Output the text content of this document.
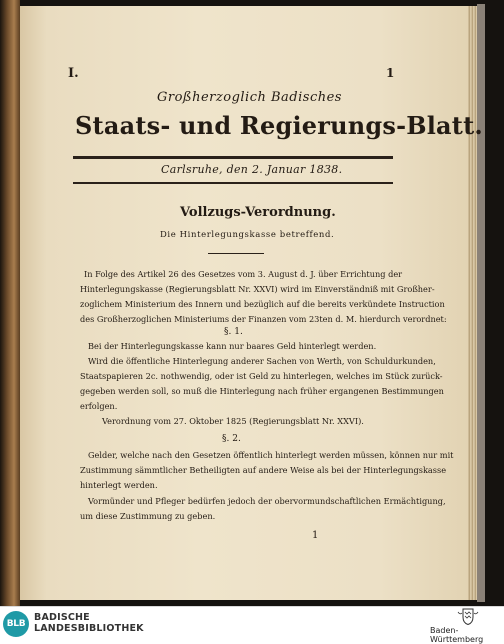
I.	1
Großherzoglich Badisches
Staats- und Regierungs-Blatt.
Carlsruhe, den 2. Januar 1838.
Vollzugs-Verordnung.
Die Hinterlegungskasse betreffend.
In Folge des Artikel 26 des Gesetzes vom 3. August d. J. über Errichtung der
Hinterlegungskasse (Regierungsblatt Nr. XXVI) wird im Einverständniß mit Großher-
zoglichem Ministerium des Innern und bezüglich auf die bereits verkündete Instruction
des Großherzoglichen Ministeriums der Finanzen vom 23ten d. M. hierdurch verordnet:
§. 1.
Bei der Hinterlegungskasse kann nur baares Geld hinterlegt werden.
Wird die öffentliche Hinterlegung anderer Sachen von Werth, von Schuldurkunden,
Staatspapieren 2c. nothwendig, oder ist Geld zu hinterlegen, welches im Stück zurück-
gegeben werden soll, so muß die Hinterlegung nach früher ergangenen Bestimmungen
erfolgen.
Verordnung vom 27. Oktober 1825 (Regierungsblatt Nr. XXVI).
§. 2.
Gelder, welche nach den Gesetzen öffentlich hinterlegt werden müssen, können nur mit
Zustimmung sämmtlicher Betheiligten auf andere Weise als bei der Hinterlegungskasse
hinterlegt werden.
Vormünder und Pfleger bedürfen jedoch der obervormundschaftlichen Ermächtigung,
um diese Zustimmung zu geben.
1
BLB
BADISCHE
LANDESBIBLIOTHEK	Baden-Württemberg
